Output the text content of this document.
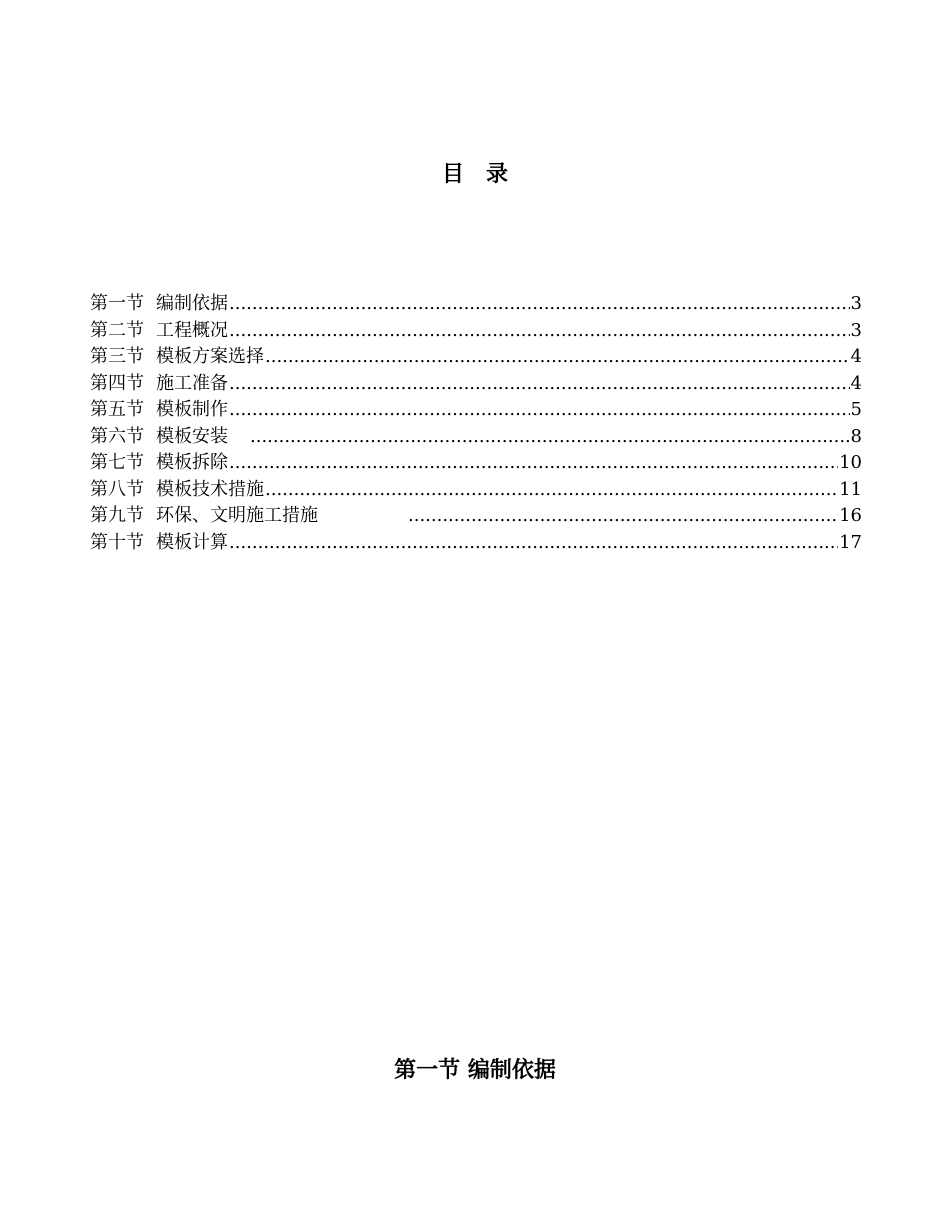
目　录
第一节 编制依据 .....	3
第二节 工程概况 .....	3
第三节 模板方案选择 .....	4
第四节 施工准备 .....	4
第五节 模板制作 .....	5
第六节 模板安装 .....	8
第七节 模板拆除 .....	10
第八节 模板技术措施 .....	11
第九节 环保、文明施工措施 .....	16
第十节 模板计算 .....	17
第一节 编制依据
